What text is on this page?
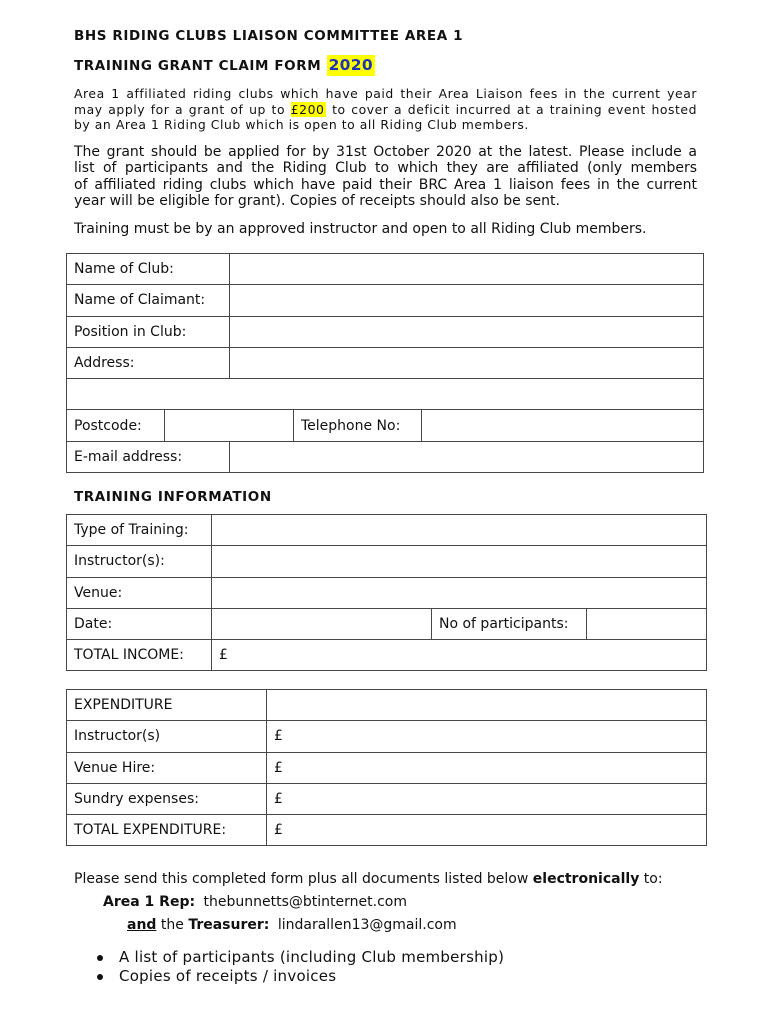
BHS RIDING CLUBS LIAISON COMMITTEE AREA 1
TRAINING GRANT CLAIM FORM 2020
Area 1 affiliated riding clubs which have paid their Area Liaison fees in the current year
may apply for a grant of up to £200 to cover a deficit incurred at a training event hosted
by an Area 1 Riding Club which is open to all Riding Club members.
The grant should be applied for by 31st October 2020 at the latest. Please include a
list of participants and the Riding Club to which they are affiliated (only members
of affiliated riding clubs which have paid their BRC Area 1 liaison fees in the current
year will be eligible for grant). Copies of receipts should also be sent.
Training must be by an approved instructor and open to all Riding Club members.
Name of Club:				
Name of Claimant:				
Position in Club:				
Address:				

Postcode:			Telephone No:	
E-mail address:				
TRAINING INFORMATION
Type of Training:			
Instructor(s):			
Venue:			
Date:		No of participants:	
TOTAL INCOME:	£		
EXPENDITURE	
Instructor(s)	£
Venue Hire:	£
Sundry expenses:	£
TOTAL EXPENDITURE:	£
Please send this completed form plus all documents listed below electronically to:
Area 1 Rep: thebunnetts@btinternet.com
and the Treasurer: lindarallen13@gmail.com
A list of participants (including Club membership)
Copies of receipts / invoices
